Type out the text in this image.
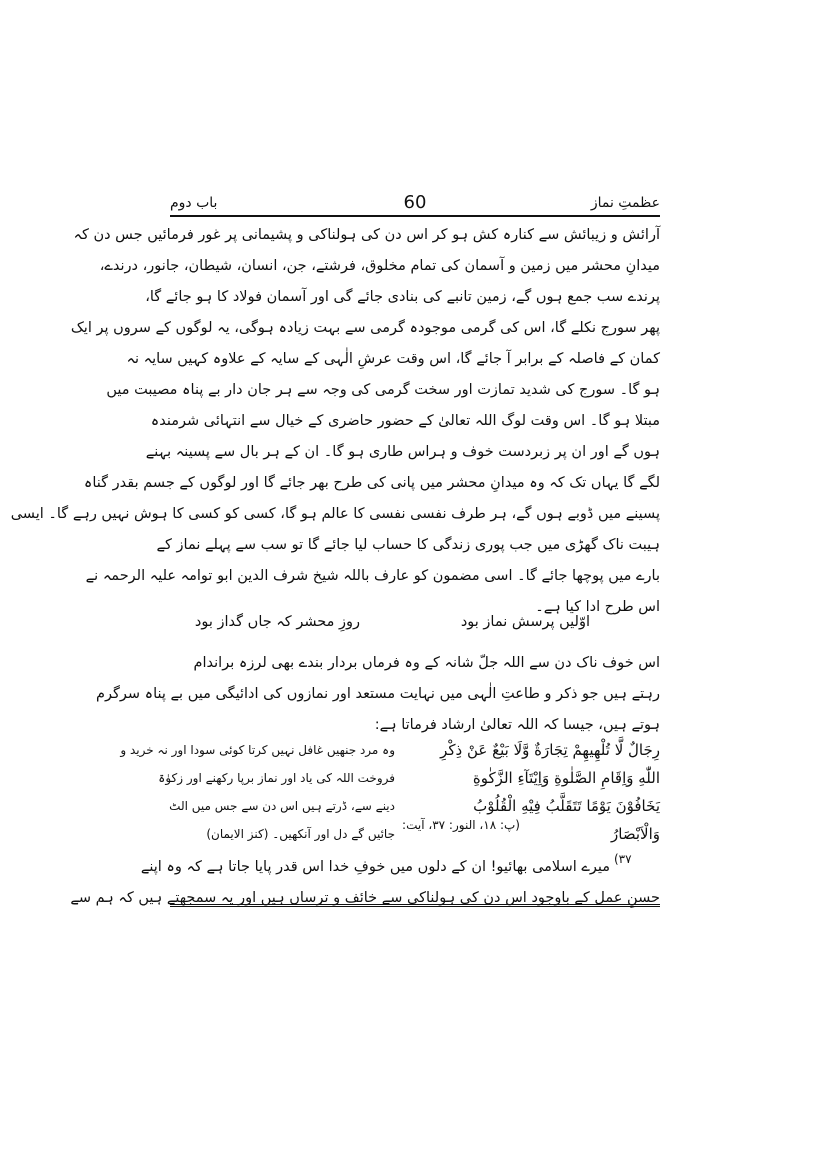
عظمتِ نماز
60
باب دوم
آرائش و زیبائش سے کنارہ کش ہو کر اس دن کی ہولناکی و پشیمانی پر غور فرمائیں جس دن کہ
میدانِ محشر میں زمین و آسمان کی تمام مخلوق، فرشتے، جن، انسان، شیطان، جانور، درندے،
پرندے سب جمع ہوں گے، زمین تانبے کی بنادی جائے گی اور آسمان فولاد کا ہو جائے گا،
پھر سورج نکلے گا، اس کی گرمی موجودہ گرمی سے بہت زیادہ ہوگی، یہ لوگوں کے سروں پر ایک
کمان کے فاصلہ کے برابر آ جائے گا، اس وقت عرشِ الٰہی کے سایہ کے علاوہ کہیں سایہ نہ
ہو گا۔ سورج کی شدید تمازت اور سخت گرمی کی وجہ سے ہر جان دار بے پناہ مصیبت میں
مبتلا ہو گا۔ اس وقت لوگ اللہ تعالیٰ کے حضور حاضری کے خیال سے انتہائی شرمندہ
ہوں گے اور ان پر زبردست خوف و ہراس طاری ہو گا۔ ان کے ہر بال سے پسینہ بہنے
لگے گا یہاں تک کہ وہ میدانِ محشر میں پانی کی طرح بھر جائے گا اور لوگوں کے جسم بقدر گناہ
پسینے میں ڈوبے ہوں گے، ہر طرف نفسی نفسی کا عالم ہو گا، کسی کو کسی کا ہوش نہیں رہے گا۔ ایسی
ہیبت ناک گھڑی میں جب پوری زندگی کا حساب لیا جائے گا تو سب سے پہلے نماز کے
بارے میں پوچھا جائے گا۔ اسی مضمون کو عارف باللہ شیخ شرف الدین ابو توامہ علیہ الرحمہ نے
اس طرح ادا کیا ہے۔
اوّلیں پرسش نماز بود
روزِ محشر کہ جاں گداز بود
اس خوف ناک دن سے اللہ جلّ شانہ کے وہ فرماں بردار بندے بھی لرزہ براندام
رہتے ہیں جو ذکر و طاعتِ الٰہی میں نہایت مستعد اور نمازوں کی ادائیگی میں بے پناہ سرگرم
ہوتے ہیں، جیسا کہ اللہ تعالیٰ ارشاد فرماتا ہے:
رِجَالٌ لَّا تُلْهِيهِمْ تِجَارَةٌ وَّلَا بَيْعٌ عَنْ ذِكْرِ
اللّٰهِ وَاِقَامِ الصَّلٰوةِ وَاِيْتَآءِ الزَّكٰوةِ
يَخَافُوْنَ يَوْمًا تَتَقَلَّبُ فِيْهِ الْقُلُوْبُ
وَالْاَبْصَارُ
وہ مرد جنھیں غافل نہیں کرتا کوئی سودا اور نہ خرید و
فروخت اللہ کی یاد اور نماز برپا رکھنے اور زکوٰۃ
دینے سے، ڈرتے ہیں اس دن سے جس میں الٹ
جائیں گے دل اور آنکھیں۔ (کنز الایمان)
(۳۷
(پ: ۱۸، النور: ۳۷، آیت:
میرے اسلامی بھائیو! ان کے دلوں میں خوفِ خدا اس قدر پایا جاتا ہے کہ وہ اپنے
حسنِ عمل کے باوجود اس دن کی ہولناکی سے خائف و ترساں ہیں اور یہ سمجھتے ہیں کہ ہم سے
